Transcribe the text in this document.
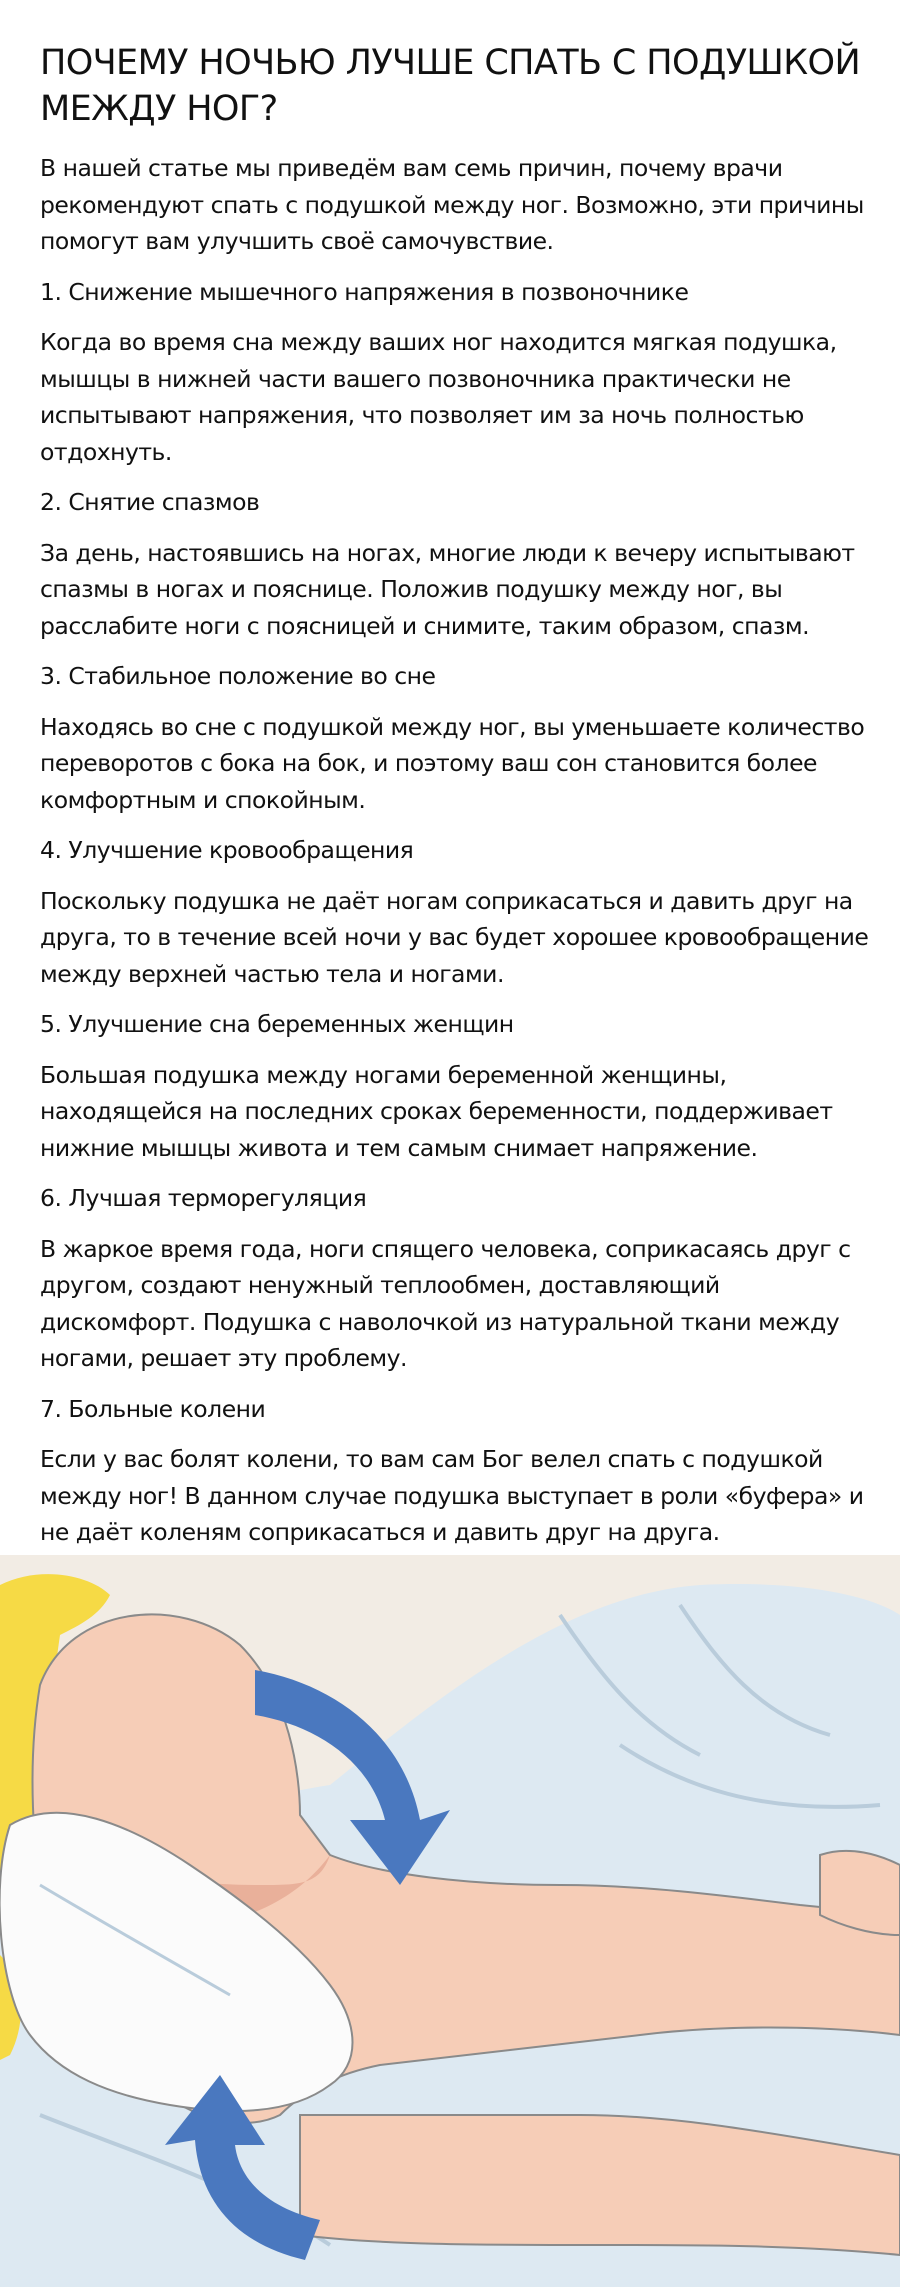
ПОЧЕМУ НОЧЬЮ ЛУЧШЕ СПАТЬ С ПОДУШКОЙ МЕЖДУ НОГ?

В нашей статье мы приведём вам семь причин, почему врачи рекомендуют спать с подушкой между ног. Возможно, эти причины помогут вам улучшить своё самочувствие.

1. Снижение мышечного напряжения в позвоночнике

Когда во время сна между ваших ног находится мягкая подушка, мышцы в нижней части вашего позвоночника практически не испытывают напряжения, что позволяет им за ночь полностью отдохнуть.

2. Снятие спазмов

За день, настоявшись на ногах, многие люди к вечеру испытывают спазмы в ногах и пояснице. Положив подушку между ног, вы расслабите ноги с поясницей и снимите, таким образом, спазм.

3. Стабильное положение во сне

Находясь во сне с подушкой между ног, вы уменьшаете количество переворотов с бока на бок, и поэтому ваш сон становится более комфортным и спокойным.

4. Улучшение кровообращения

Поскольку подушка не даёт ногам соприкасаться и давить друг на друга, то в течение всей ночи у вас будет хорошее кровообращение между верхней частью тела и ногами.

5. Улучшение сна беременных женщин

Большая подушка между ногами беременной женщины, находящейся на последних сроках беременности, поддерживает нижние мышцы живота и тем самым снимает напряжение.

6. Лучшая терморегуляция

В жаркое время года, ноги спящего человека, соприкасаясь друг с другом, создают ненужный теплообмен, доставляющий дискомфорт. Подушка с наволочкой из натуральной ткани между ногами, решает эту проблему.

7. Больные колени

Если у вас болят колени, то вам сам Бог велел спать с подушкой между ног! В данном случае подушка выступает в роли «буфера» и не даёт коленям соприкасаться и давить друг на друга.
